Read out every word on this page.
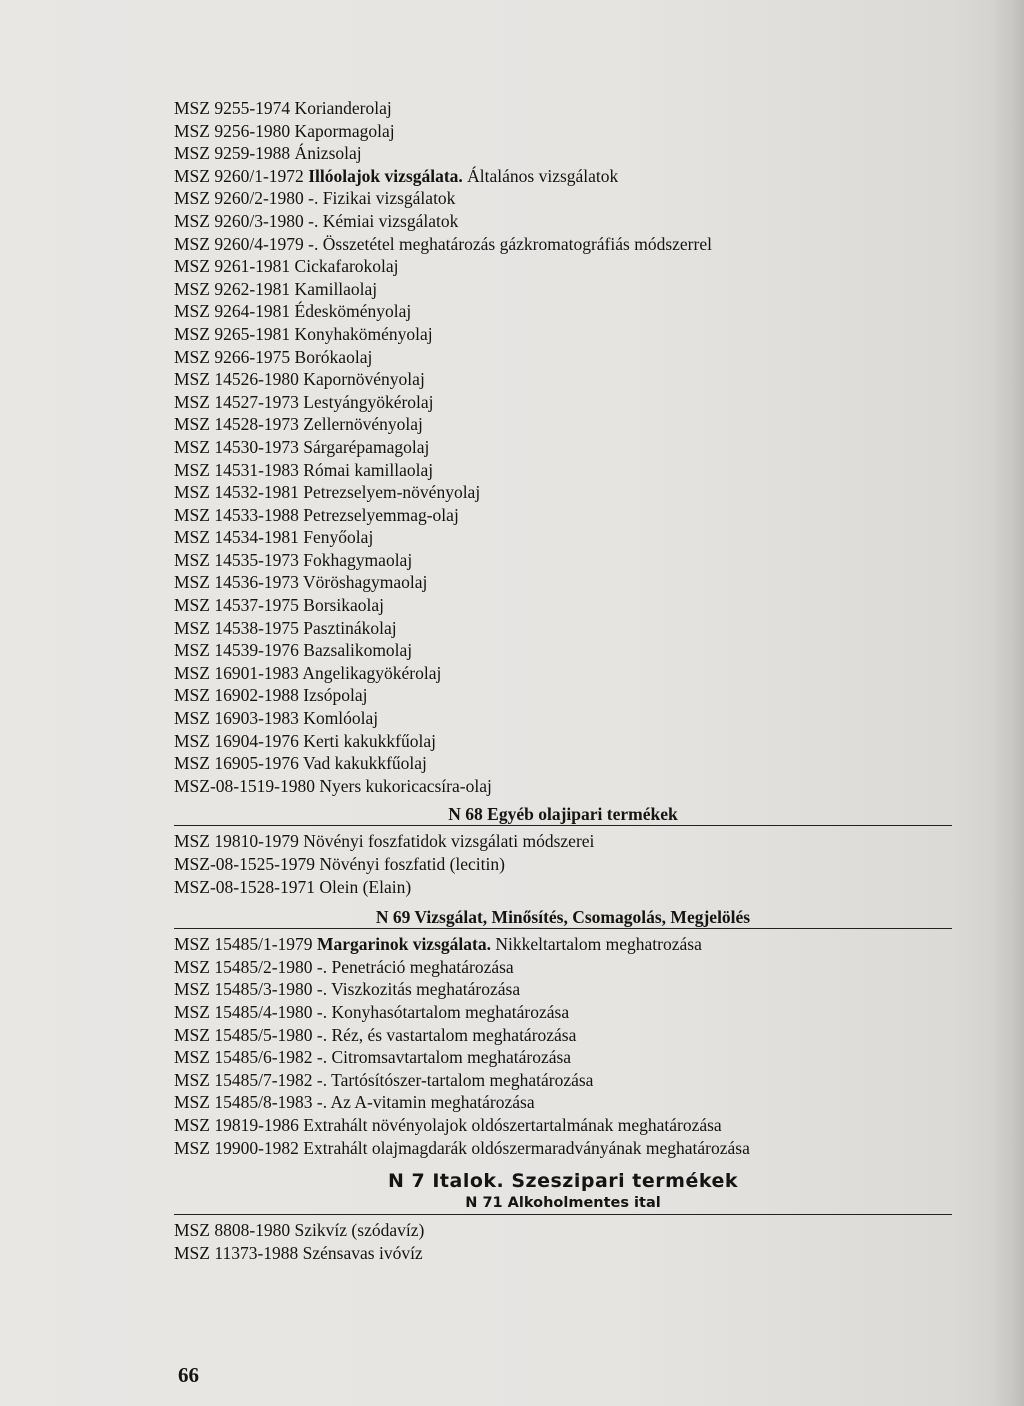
MSZ 9255-1974 Korianderolaj
MSZ 9256-1980 Kapormagolaj
MSZ 9259-1988 Ánizsolaj
MSZ 9260/1-1972 Illóolajok vizsgálata. Általános vizsgálatok
MSZ 9260/2-1980 -. Fizikai vizsgálatok
MSZ 9260/3-1980 -. Kémiai vizsgálatok
MSZ 9260/4-1979 -. Összetétel meghatározás gázkromatográfiás módszerrel
MSZ 9261-1981 Cickafarokolaj
MSZ 9262-1981 Kamillaolaj
MSZ 9264-1981 Édesköményolaj
MSZ 9265-1981 Konyhaköményolaj
MSZ 9266-1975 Borókaolaj
MSZ 14526-1980 Kapornövényolaj
MSZ 14527-1973 Lestyángyökérolaj
MSZ 14528-1973 Zellernövényolaj
MSZ 14530-1973 Sárgarépamagolaj
MSZ 14531-1983 Római kamillaolaj
MSZ 14532-1981 Petrezselyem-növényolaj
MSZ 14533-1988 Petrezselyemmag-olaj
MSZ 14534-1981 Fenyőolaj
MSZ 14535-1973 Fokhagymaolaj
MSZ 14536-1973 Vöröshagymaolaj
MSZ 14537-1975 Borsikaolaj
MSZ 14538-1975 Pasztinákolaj
MSZ 14539-1976 Bazsalikomolaj
MSZ 16901-1983 Angelikagyökérolaj
MSZ 16902-1988 Izsópolaj
MSZ 16903-1983 Komlóolaj
MSZ 16904-1976 Kerti kakukkfűolaj
MSZ 16905-1976 Vad kakukkfűolaj
MSZ-08-1519-1980 Nyers kukoricacsíra-olaj
N 68 Egyéb olajipari termékek
MSZ 19810-1979 Növényi foszfatidok vizsgálati módszerei
MSZ-08-1525-1979 Növényi foszfatid (lecitin)
MSZ-08-1528-1971 Olein (Elain)
N 69 Vizsgálat, Minősítés, Csomagolás, Megjelölés
MSZ 15485/1-1979 Margarinok vizsgálata. Nikkeltartalom meghatrozása
MSZ 15485/2-1980 -. Penetráció meghatározása
MSZ 15485/3-1980 -. Viszkozitás meghatározása
MSZ 15485/4-1980 -. Konyhasótartalom meghatározása
MSZ 15485/5-1980 -. Réz, és vastartalom meghatározása
MSZ 15485/6-1982 -. Citromsavtartalom meghatározása
MSZ 15485/7-1982 -. Tartósítószer-tartalom meghatározása
MSZ 15485/8-1983 -. Az A-vitamin meghatározása
MSZ 19819-1986 Extrahált növényolajok oldószertartalmának meghatározása
MSZ 19900-1982 Extrahált olajmagdarák oldószermaradványának meghatározása
N 7 Italok. Szeszipari termékek
N 71 Alkoholmentes ital
MSZ 8808-1980 Szikvíz (szódavíz)
MSZ 11373-1988 Szénsavas ivóvíz
66
